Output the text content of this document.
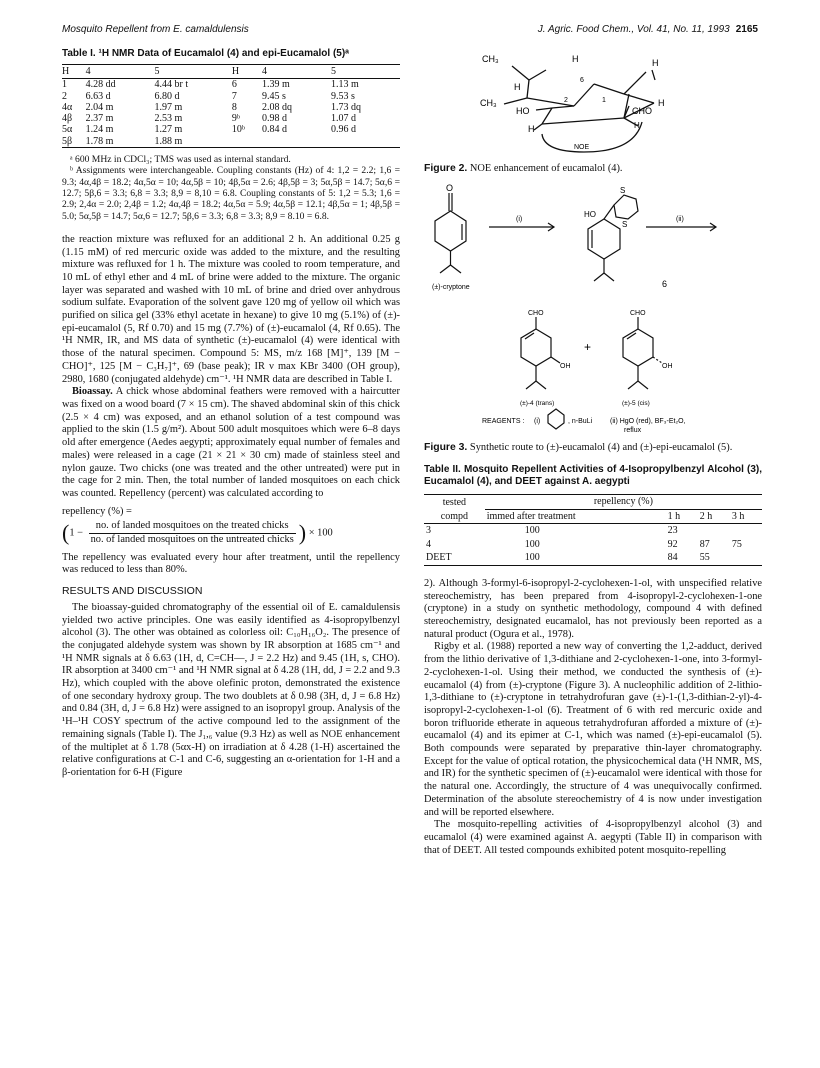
Mosquito Repellent from E. camaldulensis	J. Agric. Food Chem., Vol. 41, No. 11, 1993 2165
Table I. ¹H NMR Data of Eucamalol (4) and epi-Eucamalol (5)ᵃ
H	4	5	H	4	5
1	4.28 dd	4.44 br t	6	1.39 m	1.13 m
2	6.63 d	6.80 d	7	9.45 s	9.53 s
4α	2.04 m	1.97 m	8	2.08 dq	1.73 dq
4β	2.37 m	2.53 m	9ᵇ	0.98 d	1.07 d
5α	1.24 m	1.27 m	10ᵇ	0.84 d	0.96 d
5β	1.78 m	1.88 m			

ᵃ 600 MHz in CDCl₃; TMS was used as internal standard.

ᵇ Assignments were interchangeable. Coupling constants (Hz) of 4: 1,2 = 2.2; 1,6 = 9.3; 4α,4β = 18.2; 4α,5α = 10; 4α,5β = 10; 4β,5α = 2.6; 4β,5β = 3; 5α,5β = 14.7; 5α,6 = 12.7; 5β,6 = 3.3; 6,8 = 3.3; 8,9 = 8,10 = 6.8. Coupling constants of 5: 1,2 = 5.3; 1,6 = 2.9; 2,4α = 2.0; 2,4β = 1.2; 4α,4β = 18.2; 4α,5α = 5.9; 4α,5β = 12.1; 4β,5α = 1; 4β,5β = 5.0; 5α,5β = 14.7; 5α,6 = 12.7; 5β,6 = 3.3; 6,8 = 3.3; 8,9 = 8.10 = 6.8.

the reaction mixture was refluxed for an additional 2 h. An additional 0.25 g (1.15 mM) of red mercuric oxide was added to the mixture, and the resulting mixture was refluxed for 1 h. The mixture was cooled to room temperature, and 10 mL of ethyl ether and 4 mL of brine were added to the mixture. The organic layer was separated and washed with 10 mL of brine and dried over anhydrous sodium sulfate. Evaporation of the solvent gave 120 mg of yellow oil which was purified on silica gel (33% ethyl acetate in hexane) to give 10 mg (5.1%) of (±)-epi-eucamalol (5, Rf 0.70) and 15 mg (7.7%) of (±)-eucamalol (4, Rf 0.65). The ¹H NMR, IR, and MS data of synthetic (±)-eucamalol (4) were identical with those of the natural specimen. Compound 5: MS, m/z 168 [M]⁺, 139 [M − CHO]⁺, 125 [M − C₃H₇]⁺, 69 (base peak); IR ν max KBr 3400 (OH group), 2980, 1680 (conjugated aldehyde) cm⁻¹. ¹H NMR data are described in Table I.

Bioassay. A chick whose abdominal feathers were removed with a haircutter was fixed on a wood board (7 × 15 cm). The shaved abdominal skin of this chick (2.5 × 4 cm) was exposed, and an ethanol solution of a test compound was applied to the skin (1.5 g/m²). About 500 adult mosquitoes which were 6–8 days old after emergence (Aedes aegypti; approximately equal number of females and males) were released in a cage (21 × 21 × 30 cm) made of stainless steel and nylon gauze. Two chicks (one was treated and the other untreated) were put in the cage for 2 min. Then, the total number of landed mosquitoes on each chick was counted. Repellency (percent) was calculated according to

repellency (%) =
($1 - \frac{\text{no. of landed mosquitoes on the treated chicks}}{\text{no. of landed mosquitoes on the untreated chicks}}$ ) × 100

The repellency was evaluated every hour after treatment, until the repellency was reduced to less than 80%.

RESULTS AND DISCUSSION

The bioassay-guided chromatography of the essential oil of E. camaldulensis yielded two active principles. One was easily identified as 4-isopropylbenzyl alcohol (3). The other was obtained as colorless oil: C₁₀H₁₆O₂. The presence of the conjugated aldehyde system was shown by IR absorption at 1685 cm⁻¹ and ¹H NMR signals at δ 6.63 (1H, d, C=CH—, J = 2.2 Hz) and 9.45 (1H, s, CHO). IR absorption at 3400 cm⁻¹ and ¹H NMR signal at δ 4.28 (1H, dd, J = 2.2 and 9.3 Hz), which coupled with the above olefinic proton, demonstrated the existence of one secondary hydroxy group. The two doublets at δ 0.98 (3H, d, J = 6.8 Hz) and 0.84 (3H, d, J = 6.8 Hz) were assigned to an isopropyl group. Analysis of the ¹H–¹H COSY spectrum of the active compound led to the assignment of the remaining signals (Table I). The J₁,₆ value (9.3 Hz) as well as NOE enhancement of the multiplet at δ 1.78 (5αx-H) on irradiation at δ 4.28 (1-H) ascertained the relative configurations at C-1 and C-6, suggesting an α-orientation for 1-H and a β-orientation for 6-H (Figure

CH₃
CH₃
H	H
H
H
HO	CHO
NOE
H
6
2	1
H
Figure 2. NOE enhancement of eucamalol (4).
O
(±)-cryptone
(i)	(ii)
HO
S
S
6
CHO	CHO
OH	OH
+
(±)-4 (trans)	(±)-5 (cis)
REAGENTS : (i)	, n-BuLi	(ii) HgO (red), BF₃-Et₂O,
reflux
Figure 3. Synthetic route to (±)-eucamalol (4) and (±)-epi-eucamalol (5).
Table II. Mosquito Repellent Activities of 4-Isopropylbenzyl Alcohol (3), Eucamalol (4), and DEET against A. aegypti
tested	repellency (%)			
compd	immed after treatment	1 h	2 h	3 h
3	100	23		
4	100	92	87	75
DEET	100	84	55	

2). Although 3-formyl-6-isopropyl-2-cyclohexen-1-ol, with unspecified relative stereochemistry, has been prepared from 4-isopropyl-2-cyclohexen-1-one (cryptone) in a study on synthetic methodology, compound 4 with defined stereochemistry, designated eucamalol, has not previously been reported as a natural product (Ogura et al., 1978).

Rigby et al. (1988) reported a new way of converting the 1,2-adduct, derived from the lithio derivative of 1,3-dithiane and 2-cyclohexen-1-one, into 3-formyl-2-cyclohexen-1-ol. Using their method, we conducted the synthesis of (±)-eucamalol (4) from (±)-cryptone (Figure 3). A nucleophilic addition of 2-lithio-1,3-dithiane to (±)-cryptone in tetrahydrofuran gave (±)-1-(1,3-dithian-2-yl)-4-isopropyl-2-cyclohexen-1-ol (6). Treatment of 6 with red mercuric oxide and boron trifluoride etherate in aqueous tetrahydrofuran afforded a mixture of (±)-eucamalol (4) and its epimer at C-1, which was named (±)-epi-eucamalol (5). Both compounds were separated by preparative thin-layer chromatography. Except for the value of optical rotation, the physicochemical data (¹H NMR, MS, and IR) for the synthetic specimen of (±)-eucamalol were identical with those for the natural one. Accordingly, the structure of 4 was unequivocally confirmed. Determination of the absolute stereochemistry of 4 is now under investigation and will be reported elsewhere.

The mosquito-repelling activities of 4-isopropylbenzyl alcohol (3) and eucamalol (4) were examined against A. aegypti (Table II) in comparison with that of DEET. All tested compounds exhibited potent mosquito-repelling
